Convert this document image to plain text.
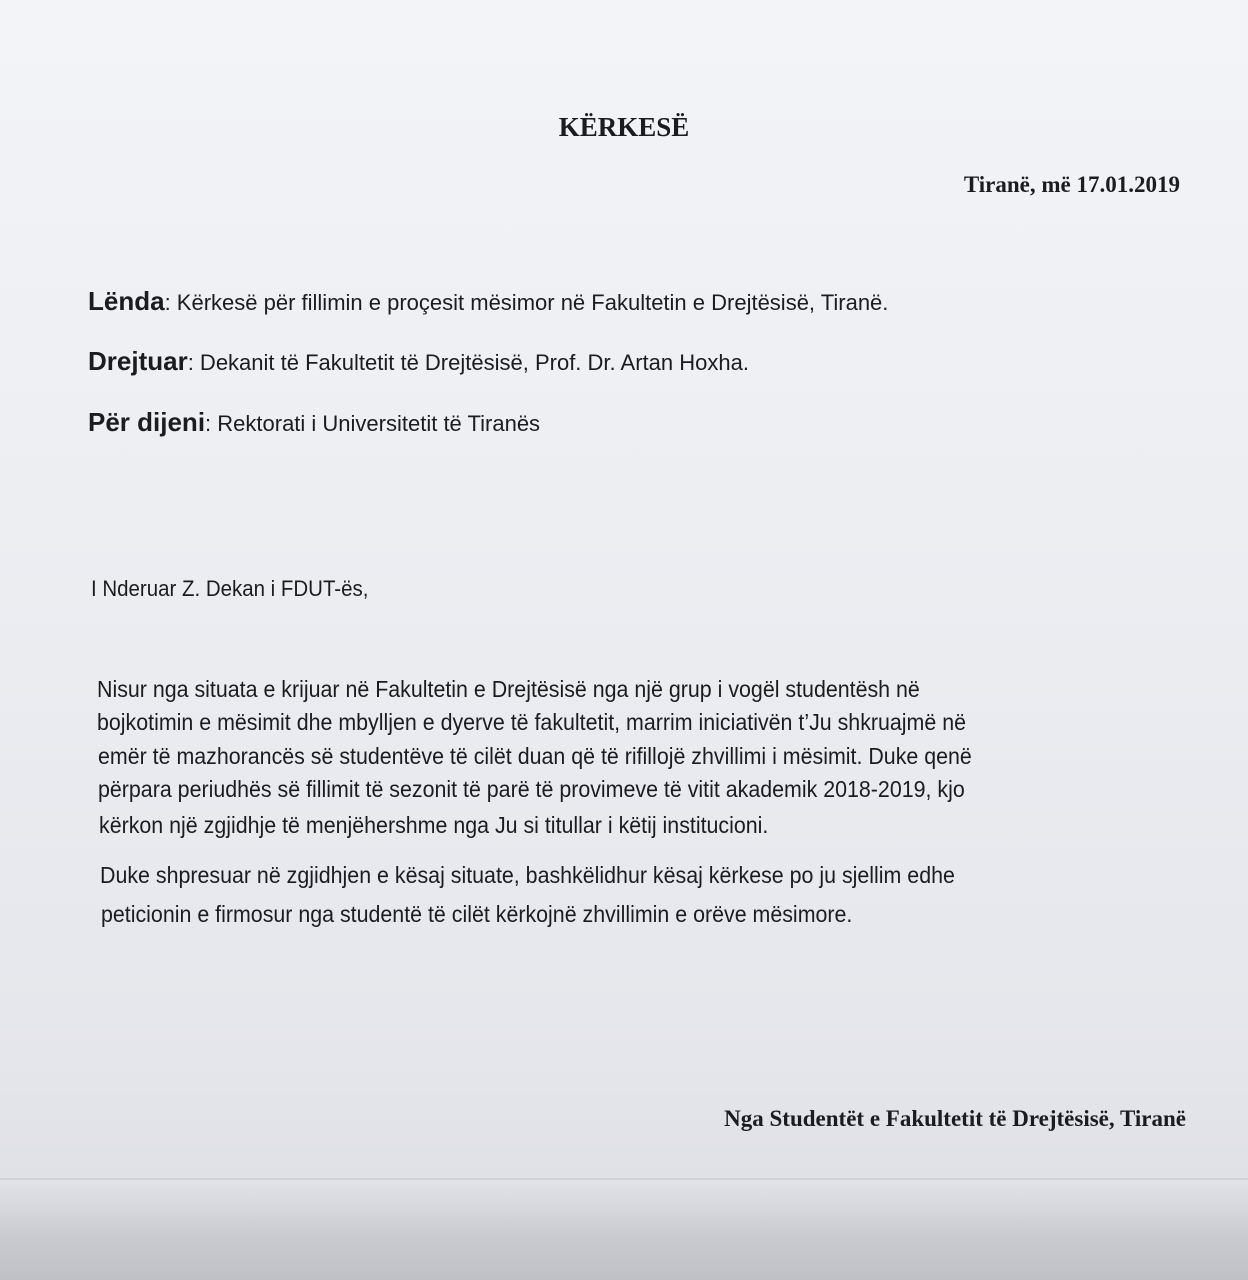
KËRKESË
Tiranë, më 17.01.2019
Lënda: Kërkesë për fillimin e proçesit mësimor në Fakultetin e Drejtësisë, Tiranë.
Drejtuar: Dekanit të Fakultetit të Drejtësisë, Prof. Dr. Artan Hoxha.
Për dijeni: Rektorati i Universitetit të Tiranës
I Nderuar Z. Dekan i FDUT-ës,
Nisur nga situata e krijuar në Fakultetin e Drejtësisë nga një grup i vogël studentësh në
bojkotimin e mësimit dhe mbylljen e dyerve të fakultetit, marrim iniciativën t’Ju shkruajmë në
emër të mazhorancës së studentëve të cilët duan që të rifillojë zhvillimi i mësimit. Duke qenë
përpara periudhës së fillimit të sezonit të parë të provimeve të vitit akademik 2018-2019, kjo
kërkon një zgjidhje të menjëhershme nga Ju si titullar i këtij institucioni.
Duke shpresuar në zgjidhjen e kësaj situate, bashkëlidhur kësaj kërkese po ju sjellim edhe
peticionin e firmosur nga studentë të cilët kërkojnë zhvillimin e orëve mësimore.
Nga Studentët e Fakultetit të Drejtësisë, Tiranë
